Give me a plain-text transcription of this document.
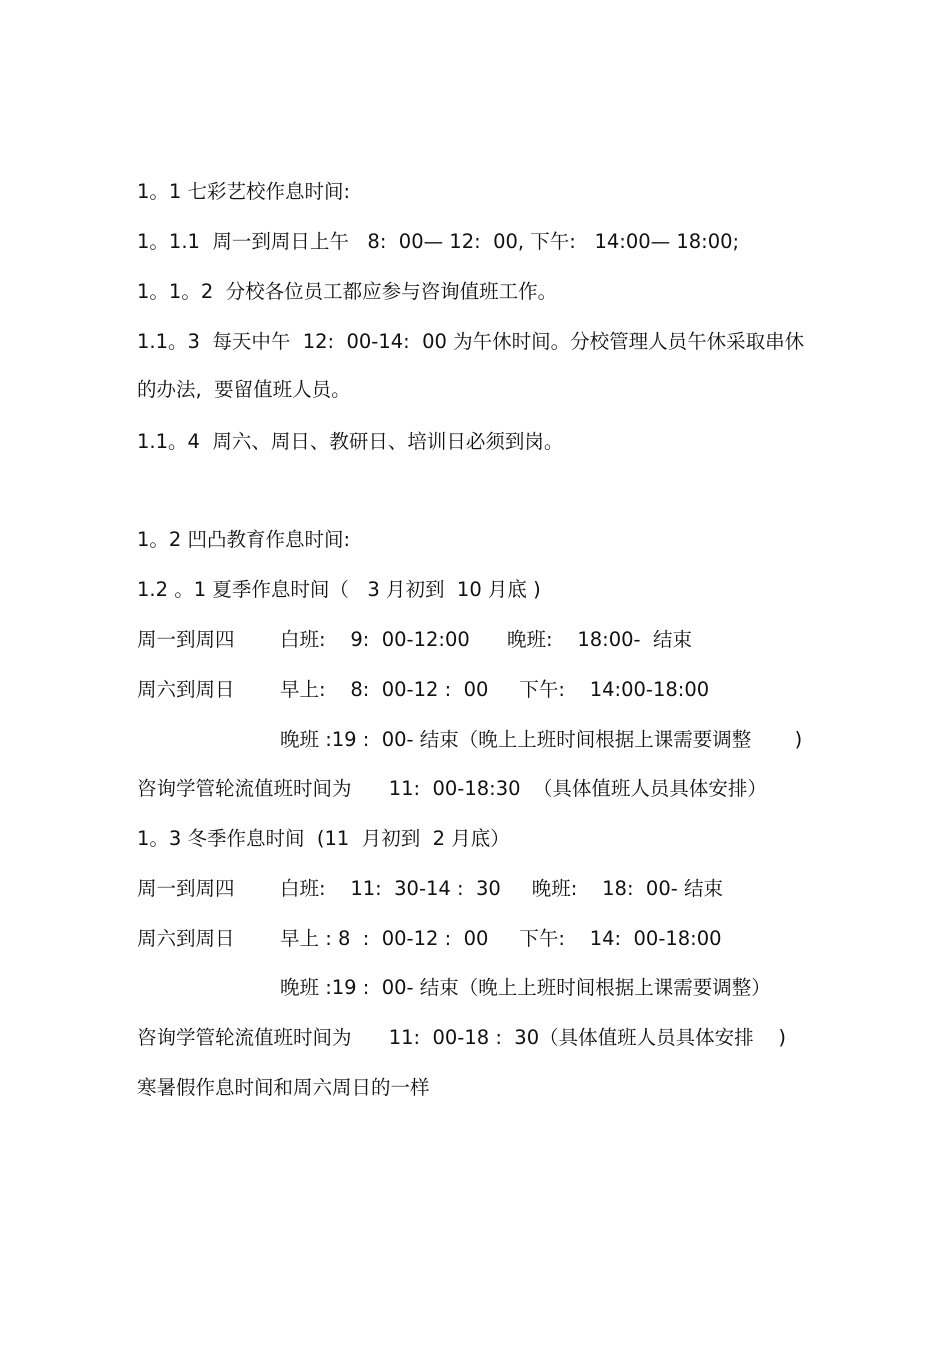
1。1 七彩艺校作息时间:
1。1.1  周一到周日上午   8:  00— 12:  00, 下午:   14:00— 18:00;
1。1。2  分校各位员工都应参与咨询值班工作。
1.1。3  每天中午  12:  00-14:  00 为午休时间。分校管理人员午休采取串休
的办法,  要留值班人员。
1.1。4  周六、周日、教研日、培训日必须到岗。
1。2 凹凸教育作息时间:
1.2 。1 夏季作息时间（   3 月初到  10 月底 )

周一到周四

白班:    9:  00-12:00      晚班:    18:00-  结束

周六到周日

早上:    8:  00-12 :  00     下午:    14:00-18:00

晚班 :19 :  00- 结束（晚上上班时间根据上课需要调整       )

咨询学管轮流值班时间为      11:  00-18:30  （具体值班人员具体安排）
1。3 冬季作息时间  (11  月初到  2 月底）

周一到周四

白班:    11:  30-14 :  30     晚班:    18:  00- 结束

周六到周日

早上 : 8  :  00-12 :  00     下午:    14:  00-18:00

晚班 :19 :  00- 结束（晚上上班时间根据上课需要调整）

咨询学管轮流值班时间为      11:  00-18 :  30（具体值班人员具体安排    )
寒暑假作息时间和周六周日的一样
